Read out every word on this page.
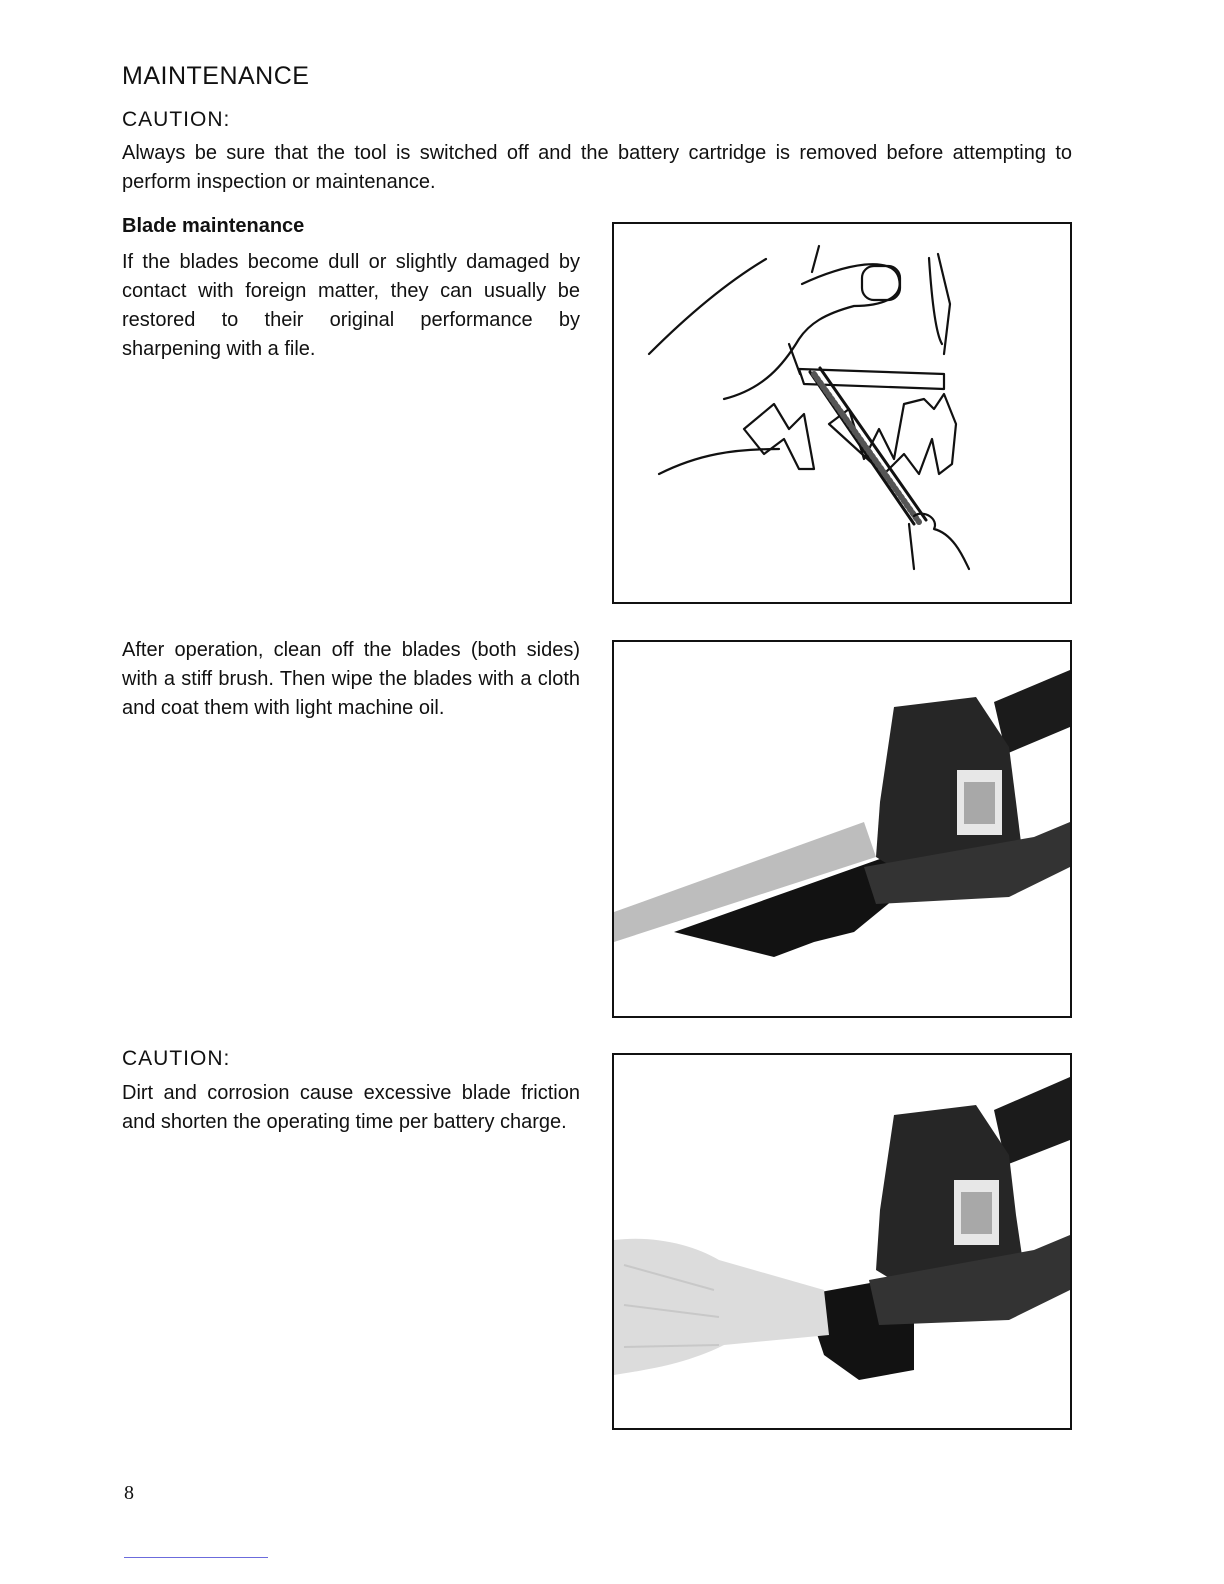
MAINTENANCE
CAUTION:
Always be sure that the tool is switched off and the battery cartridge is removed before attempting to perform inspection or maintenance.
Blade maintenance
If the blades become dull or slightly damaged by contact with foreign matter, they can usually be restored to their original performance by sharpening with a file.
After operation, clean off the blades (both sides) with a stiff brush. Then wipe the blades with a cloth and coat them with light machine oil.
CAUTION:
Dirt and corrosion cause excessive blade friction and shorten the operating time per battery charge.
8
